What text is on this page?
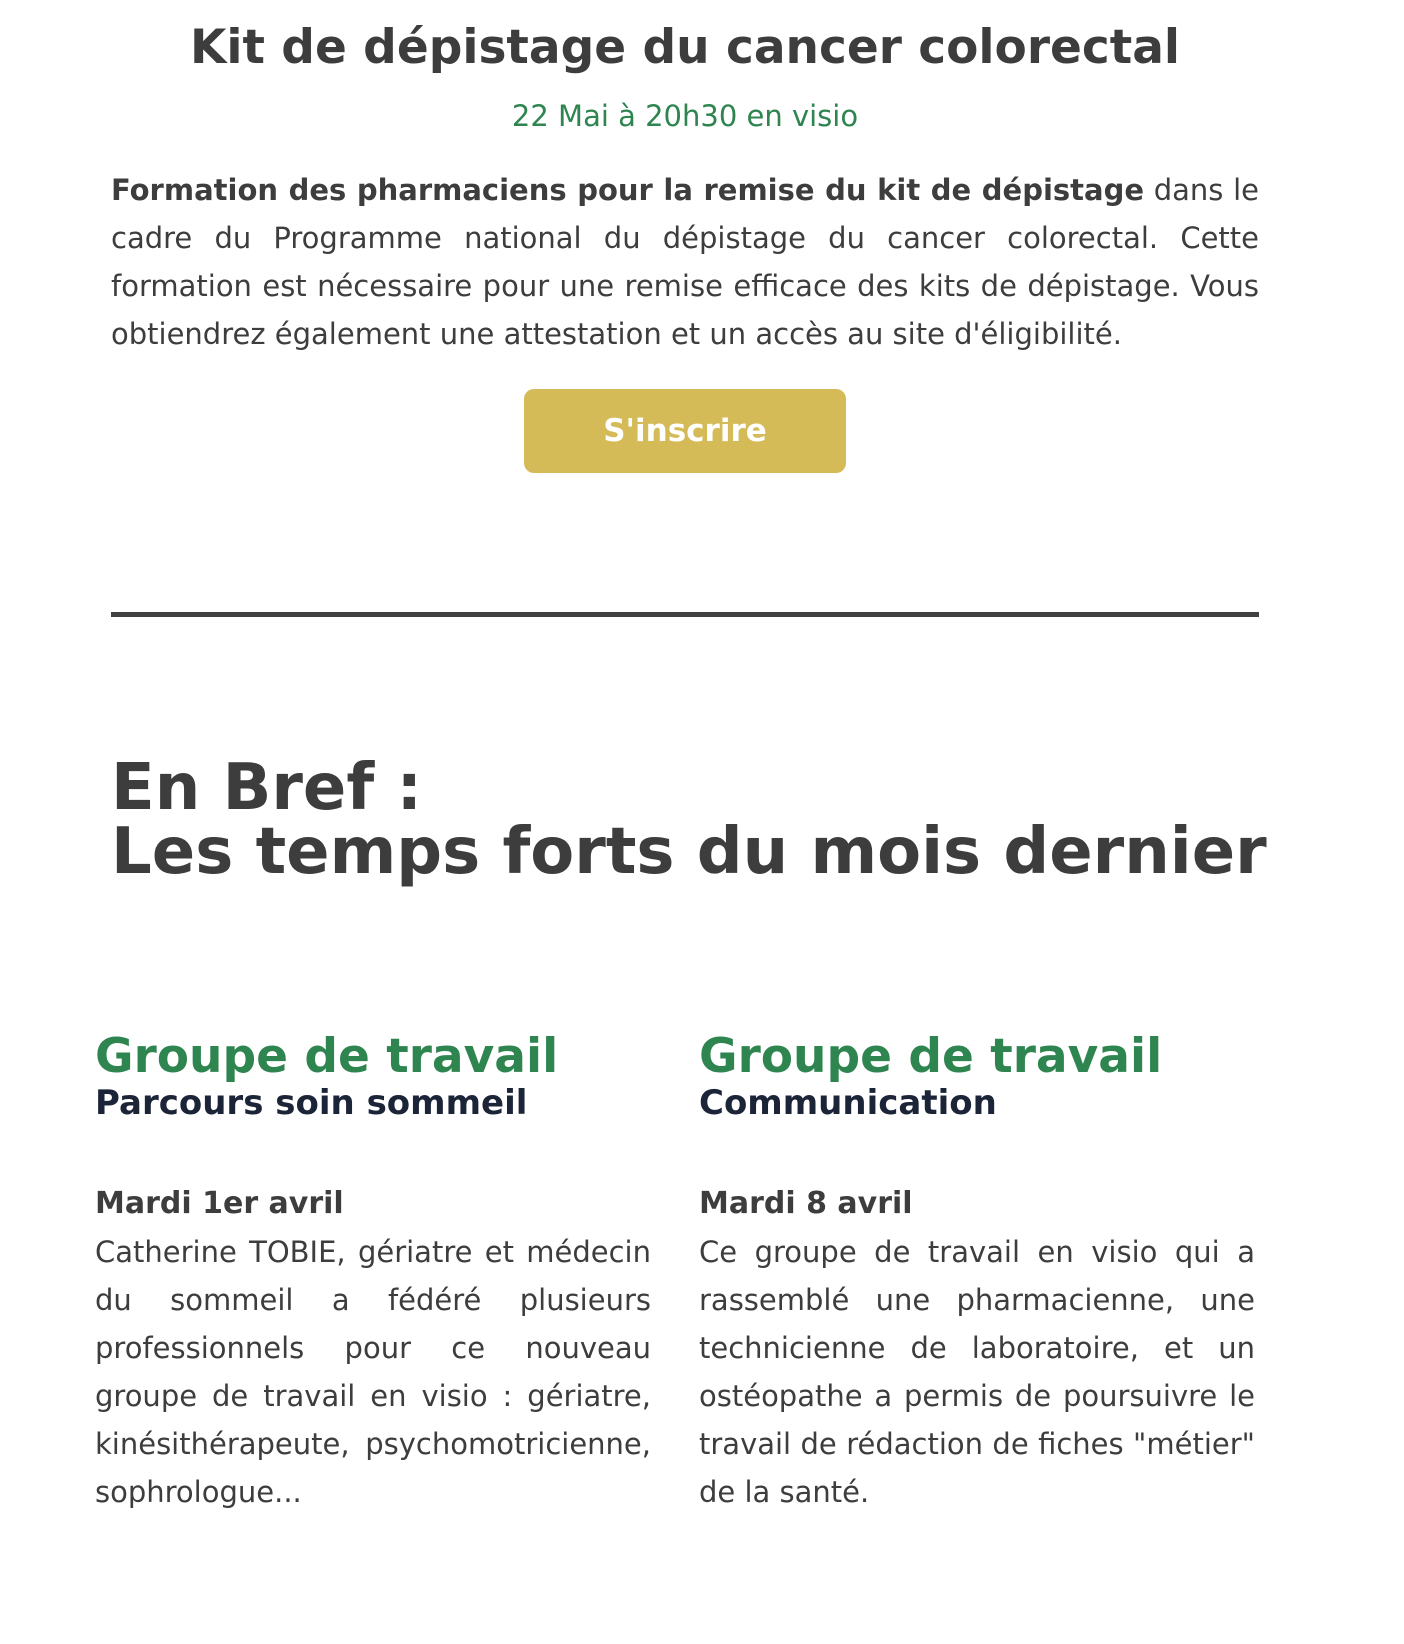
Kit de dépistage du cancer colorectal
22 Mai à 20h30 en visio

Formation des pharmaciens pour la remise du kit de dépistage dans le cadre du Programme national du dépistage du cancer colorectal. Cette formation est nécessaire pour une remise efficace des kits de dépistage. Vous obtiendrez également une attestation et un accès au site d'éligibilité.

S'inscrire
En Bref :
Les temps forts du mois dernier
Groupe de travail
Parcours soin sommeil

Mardi 1er avril

Catherine TOBIE, gériatre et médecin du sommeil a fédéré plusieurs professionnels pour ce nouveau groupe de travail en visio : gériatre, kinésithérapeute, psychomotricienne, sophrologue...

Groupe de travail
Communication

Mardi 8 avril

Ce groupe de travail en visio qui a rassemblé une pharmacienne, une technicienne de laboratoire, et un ostéopathe a permis de poursuivre le travail de rédaction de fiches "métier" de la santé.
